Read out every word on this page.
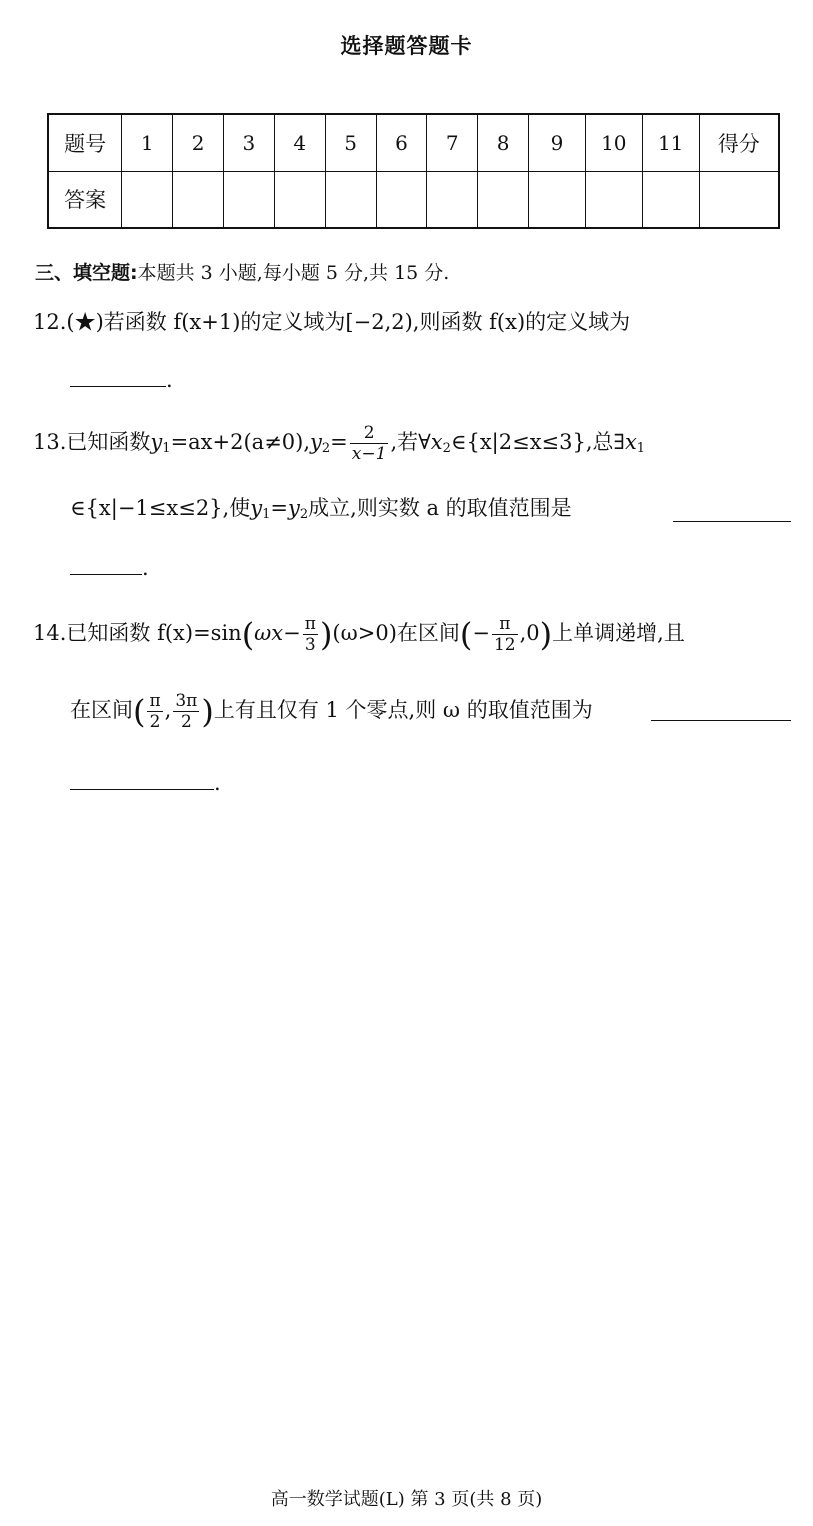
选择题答题卡
题号	1	2	3	4	5	6	7	8	9	10	11	得分
答案												
三、填空题:本题共 3 小题,每小题 5 分,共 15 分.
12.(★)若函数 f(x+1)的定义域为[−2,2),则函数 f(x)的定义域为
.
13.已知函数$y_1=ax+2(a\ne 0),y_2= \frac{2}{x-1}$ ,若$\forall x_2\in\{x|2\le x\le 3\}$,总$\exists x_1$
∈{x|−1≤x≤2},使$y_1=y_2$成立,则实数 a 的取值范围是
.
14.已知函数 $f(x)=\sin(\omega x- \frac{\pi}{3} )(\omega>0)$在区间(− $\frac{\pi}{12} ,0$)上单调递增,且
在区间( $\frac{\pi}{2}$ , $\frac{3\pi}{2}$ )上有且仅有 1 个零点,则 ω 的取值范围为
.
高一数学试题(L) 第 3 页(共 8 页)
